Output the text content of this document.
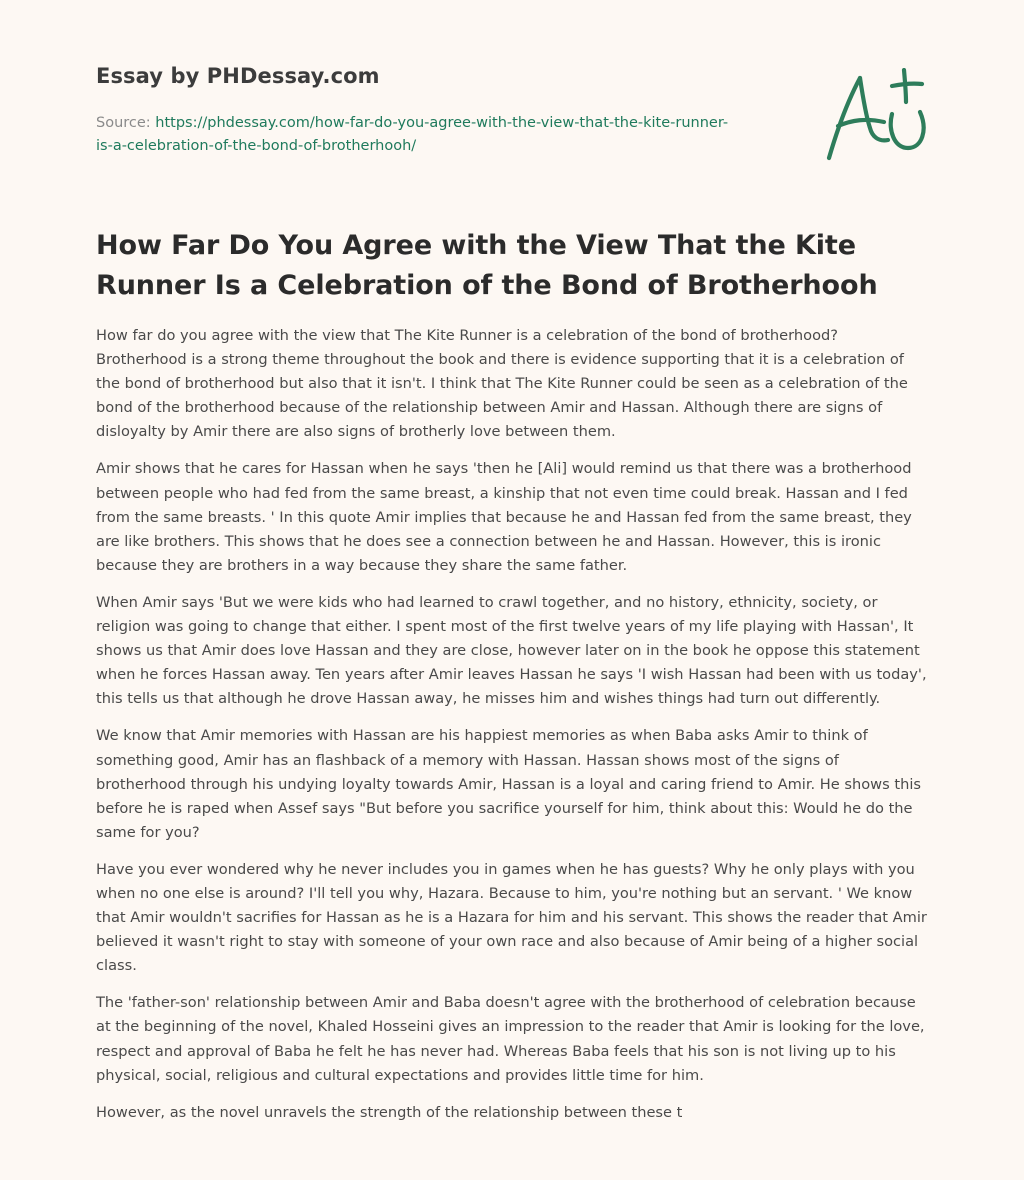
Essay by PHDessay.com
Source: https://phdessay.com/how-far-do-you-agree-with-the-view-that-the-kite-runner-is-a-celebration-of-the-bond-of-brotherhooh/
How Far Do You Agree with the View That the Kite Runner Is a Celebration of the Bond of Brotherhooh

How far do you agree with the view that The Kite Runner is a celebration of the bond of brotherhood? Brotherhood is a strong theme throughout the book and there is evidence supporting that it is a celebration of the bond of brotherhood but also that it isn't. I think that The Kite Runner could be seen as a celebration of the bond of the brotherhood because of the relationship between Amir and Hassan. Although there are signs of disloyalty by Amir there are also signs of brotherly love between them.

Amir shows that he cares for Hassan when he says 'then he [Ali] would remind us that there was a brotherhood between people who had fed from the same breast, a kinship that not even time could break. Hassan and I fed from the same breasts. ' In this quote Amir implies that because he and Hassan fed from the same breast, they are like brothers. This shows that he does see a connection between he and Hassan. However, this is ironic because they are brothers in a way because they share the same father.

When Amir says 'But we were kids who had learned to crawl together, and no history, ethnicity, society, or religion was going to change that either. I spent most of the first twelve years of my life playing with Hassan', It shows us that Amir does love Hassan and they are close, however later on in the book he oppose this statement when he forces Hassan away. Ten years after Amir leaves Hassan he says 'I wish Hassan had been with us today', this tells us that although he drove Hassan away, he misses him and wishes things had turn out differently.

We know that Amir memories with Hassan are his happiest memories as when Baba asks Amir to think of something good, Amir has an flashback of a memory with Hassan. Hassan shows most of the signs of brotherhood through his undying loyalty towards Amir, Hassan is a loyal and caring friend to Amir. He shows this before he is raped when Assef says "But before you sacrifice yourself for him, think about this: Would he do the same for you?

Have you ever wondered why he never includes you in games when he has guests? Why he only plays with you when no one else is around? I'll tell you why, Hazara. Because to him, you're nothing but an servant. ' We know that Amir wouldn't sacrifies for Hassan as he is a Hazara for him and his servant. This shows the reader that Amir believed it wasn't right to stay with someone of your own race and also because of Amir being of a higher social class.

The 'father-son' relationship between Amir and Baba doesn't agree with the brotherhood of celebration because at the beginning of the novel, Khaled Hosseini gives an impression to the reader that Amir is looking for the love, respect and approval of Baba he felt he has never had. Whereas Baba feels that his son is not living up to his physical, social, religious and cultural expectations and provides little time for him.

However, as the novel unravels the strength of the relationship between these t
